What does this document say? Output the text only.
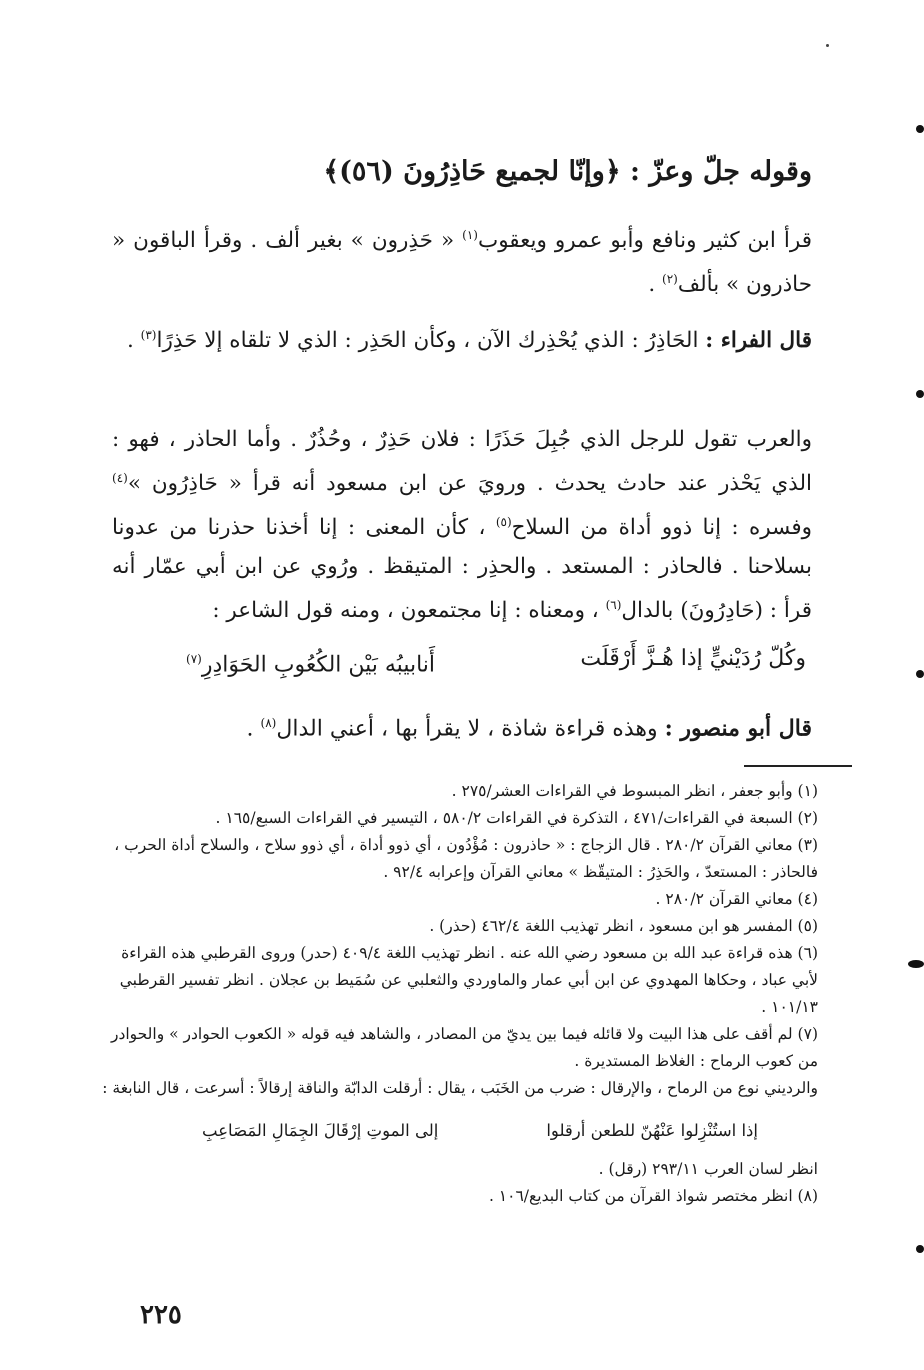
وقوله جلّ وعزّ : ﴿وإنّا لجميع حَاذِرُونَ (٥٦)﴾
قرأ ابن كثير ونافع وأبو عمرو ويعقوب$^{(١)}$ « حَذِرون » بغير ألف . وقرأ الباقون « حاذرون » بألف$^{(٢)}$ .
قال الفراء : الحَاذِرُ : الذي يُحْذِرك الآن ، وكأن الحَذِر : الذي لا تلقاه إلا حَذِرًا$^{(٣)}$ .
والعرب تقول للرجل الذي جُبِلَ حَذَرًا : فلان حَذِرٌ ، وحُذُرٌ . وأما الحاذر ، فهو : الذي يَحْذر عند حادث يحدث . ورويَ عن ابن مسعود أنه قرأ « حَاذِرُون »$^{(٤)}$ وفسره : إنا ذوو أداة من السلاح$^{(٥)}$ ، كأن المعنى : إنا أخذنا حذرنا من عدونا بسلاحنا . فالحاذر : المستعد . والحذِر : المتيقظ . ورُوي عن ابن أبي عمّار أنه قرأ : (حَادِرُونَ) بالدال$^{(٦)}$ ، ومعناه : إنا مجتمعون ، ومنه قول الشاعر :
وكُلّ رُدَيْنيٍّ إذا هُـزَّ أَرْقَلَت
أَنابيبُه بَيْن الكُعُوبِ الحَوَادِرِ$^{(٧)}$
قال أبو منصور : وهذه قراءة شاذة ، لا يقرأ بها ، أعني الدال$^{(٨)}$ .

(١) وأبو جعفر ، انظر المبسوط في القراءات العشر/٢٧٥ .

(٢) السبعة في القراءات/٤٧١ ، التذكرة في القراءات ٥٨٠/٢ ، التيسير في القراءات السبع/١٦٥ .

(٣) معاني القرآن ٢٨٠/٢ . قال الزجاج : « حاذرون : مُؤْدُون ، أي ذوو أداة ، أي ذوو سلاح ، والسلاح أداة الحرب ، فالحاذر : المستعدّ ، والحَذِرُ : المتيقّظ » معاني القرآن وإعرابه ٩٢/٤ .

(٤) معاني القرآن ٢٨٠/٢ .

(٥) المفسر هو ابن مسعود ، انظر تهذيب اللغة ٤٦٢/٤ (حذر) .

(٦) هذه قراءة عبد الله بن مسعود رضي الله عنه . انظر تهذيب اللغة ٤٠٩/٤ (حدر) وروى القرطبي هذه القراءة لأبي عباد ، وحكاها المهدوي عن ابن أبي عمار والماوردي والثعلبي عن سُمَيط بن عجلان . انظر تفسير القرطبي ١٠١/١٣ .

(٧) لم أقف على هذا البيت ولا قائله فيما بين يديّ من المصادر ، والشاهد فيه قوله « الكعوب الحوادر » والحوادر من كعوب الرماح : الغلاظ المستديرة .

والرديني نوع من الرماح ، والإرقال : ضرب من الخَبَب ، يقال : أرقلت الدابّة والناقة إرقالاً : أسرعت ، قال النابغة :

إذا استُنْزِلوا عَنْهُنّ للطعن أرقلوا
إلى الموتِ إرْقَالَ الجِمَالِ المَصَاعِبِ

انظر لسان العرب ٢٩٣/١١ (رقل) .

(٨) انظر مختصر شواذ القرآن من كتاب البديع/١٠٦ .

٢٢٥
